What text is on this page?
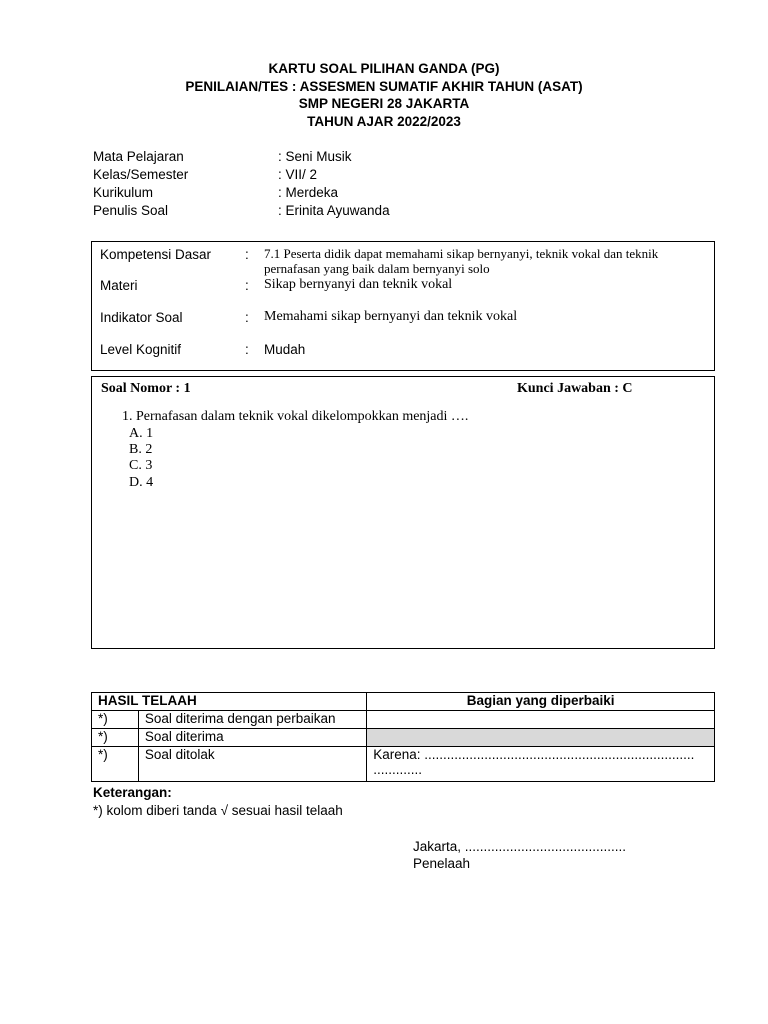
KARTU SOAL PILIHAN GANDA (PG)
PENILAIAN/TES : ASSESMEN SUMATIF AKHIR TAHUN (ASAT)
SMP NEGERI 28 JAKARTA
TAHUN AJAR 2022/2023
Mata Pelajaran	: Seni Musik
Kelas/Semester	: VII/ 2
Kurikulum	: Merdeka
Penulis Soal	: Erinita Ayuwanda
Kompetensi Dasar	: 7.1 Peserta didik dapat memahami sikap bernyanyi, teknik vokal dan teknik
pernafasan yang baik dalam bernyanyi solo
Materi	: Sikap bernyanyi dan teknik vokal
Indikator Soal	: Memahami sikap bernyanyi dan teknik vokal
Level Kognitif	: Mudah
Soal Nomor : 1	Kunci Jawaban : C
1. Pernafasan dalam teknik vokal dikelompokkan menjadi ….
A. 1
B. 2
C. 3
D. 4
HASIL TELAAH		Bagian yang diperbaiki
*)	Soal diterima dengan perbaikan	
*)	Soal diterima	
*)	Soal ditolak	Karena: ........................................................................
.............
Keterangan:
*) kolom diberi tanda √ sesuai hasil telaah
Jakarta, ...........................................
Penelaah
